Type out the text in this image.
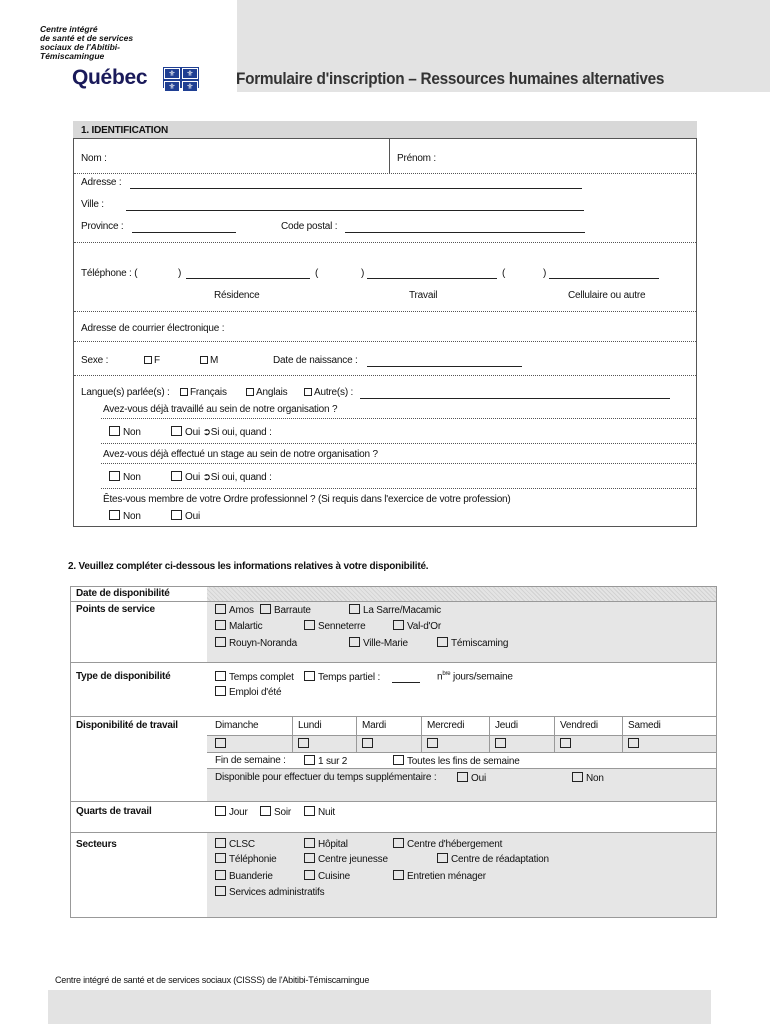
Centre intégré
de santé et de services
sociaux de l'Abitibi-
Témiscamingue
Québec	⚜	⚜
⚜	⚜	Formulaire d'inscription – Ressources humaines alternatives
1. IDENTIFICATION
Nom :	Prénom :
Adresse :
Ville :
Province :	Code postal :
Téléphone : (	)	(	)	(	)
Résidence	Travail	Cellulaire ou autre
Adresse de courrier électronique :
Sexe :	F	M	Date de naissance :
Langue(s) parlée(s) :	Français	Anglais	Autre(s) :
Avez-vous déjà travaillé au sein de notre organisation ?
Non	Oui ➲Si oui, quand :
Avez-vous déjà effectué un stage au sein de notre organisation ?
Non	Oui ➲Si oui, quand :
Êtes-vous membre de votre Ordre professionnel ? (Si requis dans l'exercice de votre profession)
Non	Oui
2. Veuillez compléter ci-dessous les informations relatives à votre disponibilité.
Date de disponibilité
Points de service	Amos	Barraute	La Sarre/Macamic
Malartic	Senneterre	Val-d'Or
Rouyn-Noranda	Ville-Marie	Témiscaming
Type de disponibilité	Temps complet	Temps partiel :	$n^{bre}$ jours/semaine
Emploi d'été
Disponibilité de travail	Dimanche	Lundi	Mardi	Mercredi	Jeudi	Vendredi	Samedi
Fin de semaine :	1 sur 2	Toutes les fins de semaine
Disponible pour effectuer du temps supplémentaire :	Oui	Non
Quarts de travail	Jour	Soir	Nuit
Secteurs	CLSC	Hôpital	Centre d'hébergement
Téléphonie	Centre jeunesse	Centre de réadaptation
Buanderie	Cuisine	Entretien ménager
Services administratifs
Centre intégré de santé et de services sociaux (CISSS) de l'Abitibi-Témiscamingue
